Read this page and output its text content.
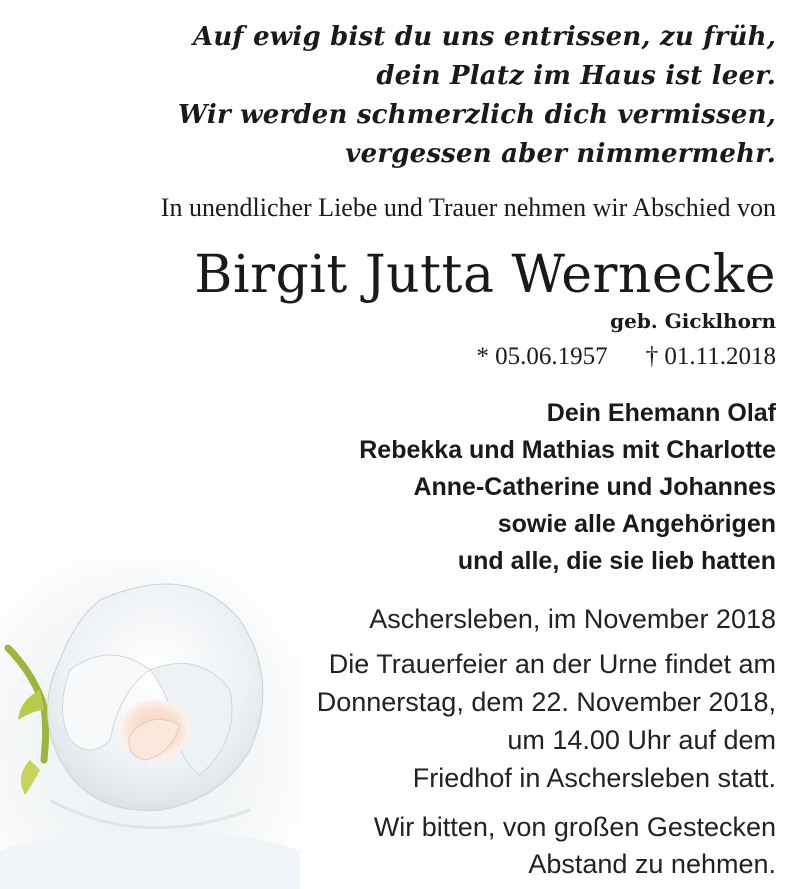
Auf ewig bist du uns entrissen, zu früh,

dein Platz im Haus ist leer.

Wir werden schmerzlich dich vermissen,

vergessen aber nimmermehr.

In unendlicher Liebe und Trauer nehmen wir Abschied von

Birgit Jutta Wernecke

geb. Gicklhorn

* 05.06.1957 † 01.11.2018

Dein Ehemann Olaf

Rebekka und Mathias mit Charlotte

Anne-Catherine und Johannes

sowie alle Angehörigen

und alle, die sie lieb hatten

Aschersleben, im November 2018

Die Trauerfeier an der Urne findet am

Donnerstag, dem 22. November 2018,

um 14.00 Uhr auf dem

Friedhof in Aschersleben statt.

Wir bitten, von großen Gestecken

Abstand zu nehmen.
